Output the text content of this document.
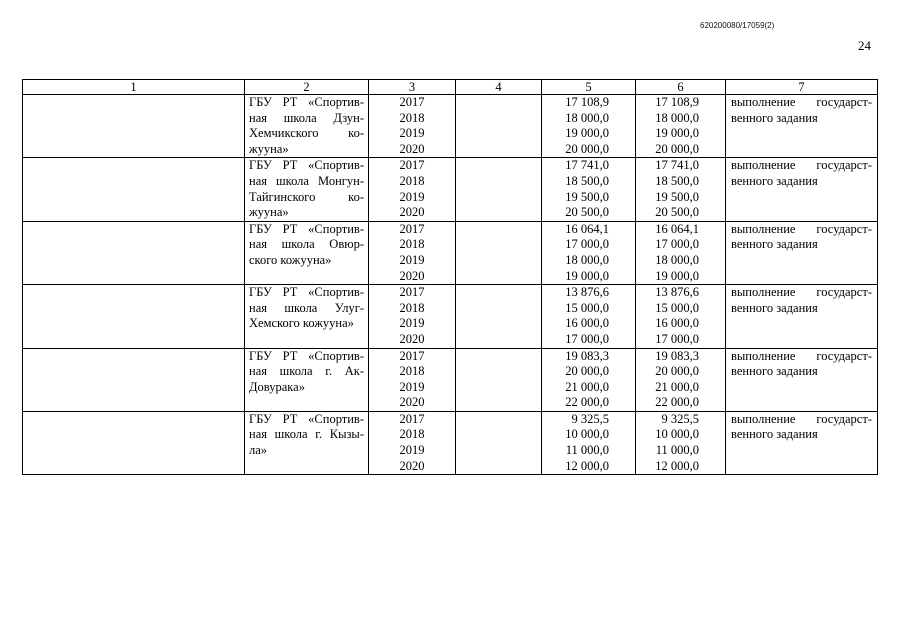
620200080/17059(2)
24
1	2	3	4	5	6	7

	ГБУ РТ «Спортив-
ная школа Дзун-
Хемчикского ко-
жууна»	2017
2018
2019
2020		17 108,9
18 000,0
19 000,0
20 000,0	17 108,9
18 000,0
19 000,0
20 000,0	выполнение государст-
венного задания

	ГБУ РТ «Спортив-
ная школа Монгун-
Тайгинского ко-
жууна»	2017
2018
2019
2020		17 741,0
18 500,0
19 500,0
20 500,0	17 741,0
18 500,0
19 500,0
20 500,0	выполнение государст-
венного задания

	ГБУ РТ «Спортив-
ная школа Овюр-
ского кожууна»	2017
2018
2019
2020		16 064,1
17 000,0
18 000,0
19 000,0	16 064,1
17 000,0
18 000,0
19 000,0	выполнение государст-
венного задания

	ГБУ РТ «Спортив-
ная школа Улуг-
Хемского кожууна»	2017
2018
2019
2020		13 876,6
15 000,0
16 000,0
17 000,0	13 876,6
15 000,0
16 000,0
17 000,0	выполнение государст-
венного задания

	ГБУ РТ «Спортив-
ная школа г. Ак-
Довурака»	2017
2018
2019
2020		19 083,3
20 000,0
21 000,0
22 000,0	19 083,3
20 000,0
21 000,0
22 000,0	выполнение государст-
венного задания

	ГБУ РТ «Спортив-
ная школа г. Кызы-
ла»	2017
2018
2019
2020		9 325,5
10 000,0
11 000,0
12 000,0	9 325,5
10 000,0
11 000,0
12 000,0	выполнение государст-
венного задания
